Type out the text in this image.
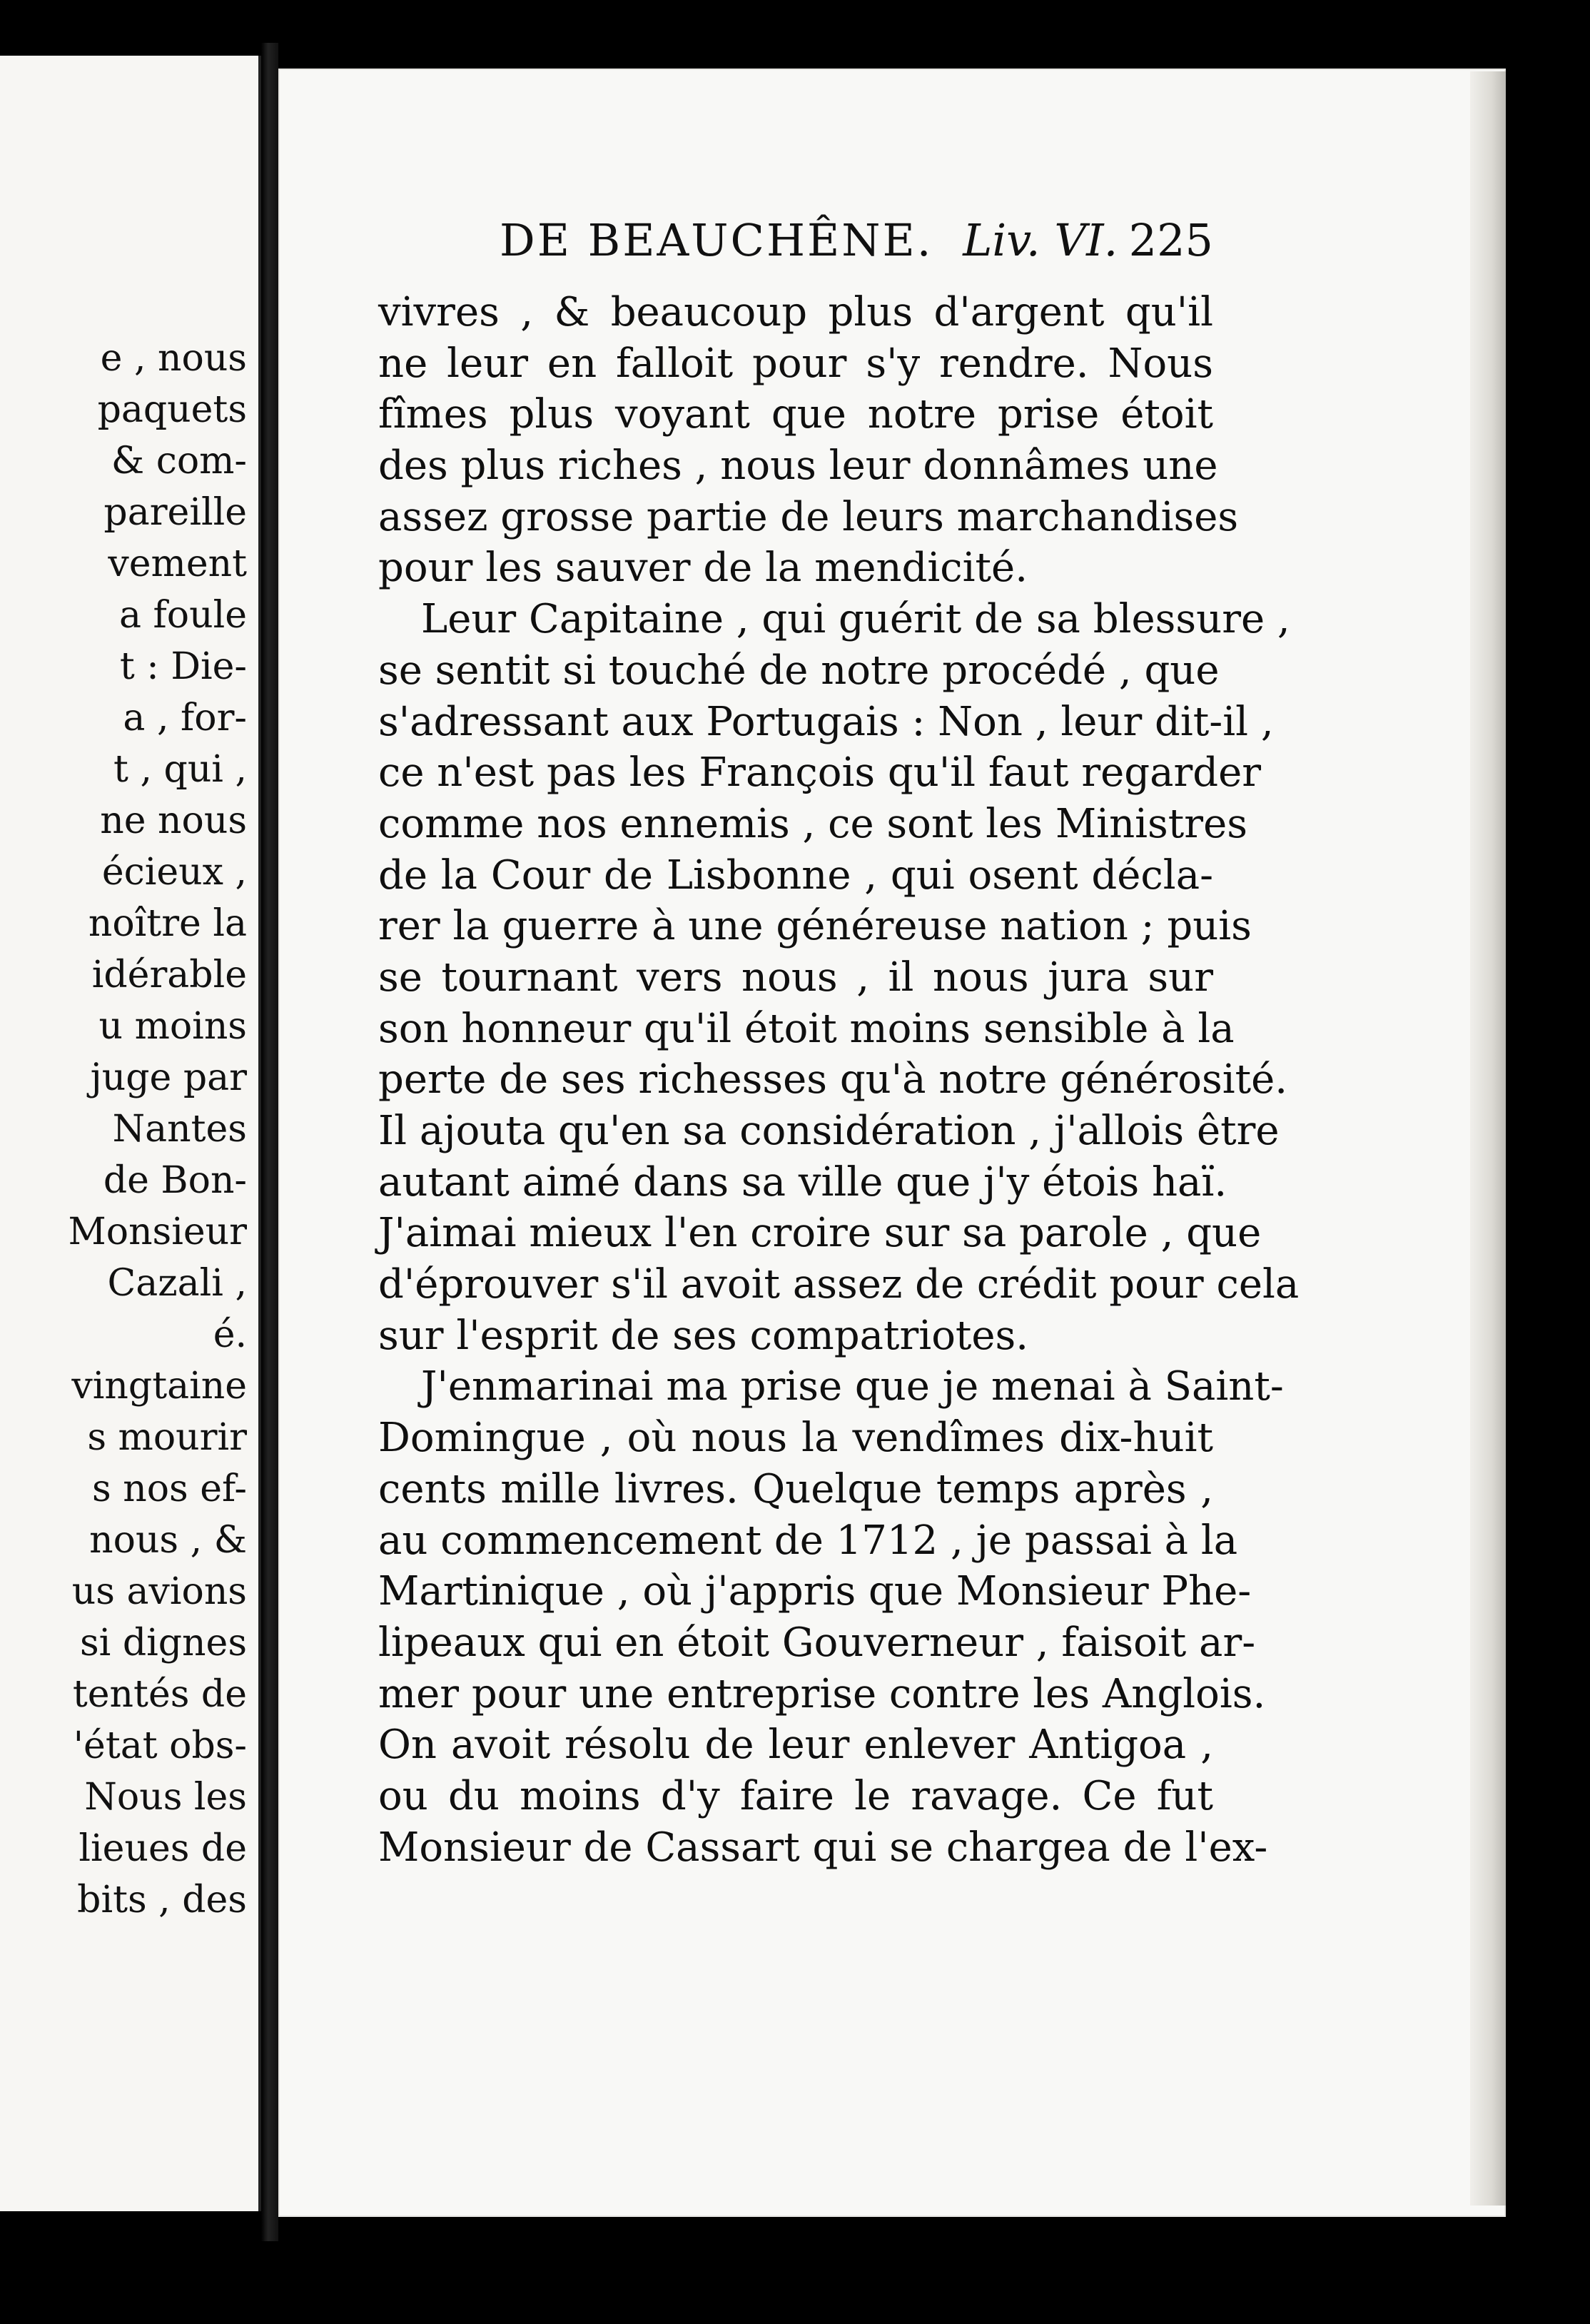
e , nous
paquets
& com-
pareille
vement
a foule
t : Die-
a , for-
t , qui ,
ne nous
écieux ,
noître la
idérable
u moins
juge par
Nantes
de Bon-
Monsieur
Cazali ,
é.
vingtaine
s mourir
s nos ef-
nous , &
us avions
si dignes
tentés de
'état obs-
Nous les
lieues de
bits , des
DE BEAUCHÊNE. Liv. VI. 225
vivres , & beaucoup plus d'argent qu'il
ne leur en falloit pour s'y rendre. Nous
fîmes plus voyant que notre prise étoit
des plus riches , nous leur donnâmes une
assez grosse partie de leurs marchandises
pour les sauver de la mendicité.
Leur Capitaine , qui guérit de sa blessure ,
se sentit si touché de notre procédé , que
s'adressant aux Portugais : Non , leur dit-il ,
ce n'est pas les François qu'il faut regarder
comme nos ennemis , ce sont les Ministres
de la Cour de Lisbonne , qui osent décla-
rer la guerre à une généreuse nation ; puis
se tournant vers nous , il nous jura sur
son honneur qu'il étoit moins sensible à la
perte de ses richesses qu'à notre générosité.
Il ajouta qu'en sa considération , j'allois être
autant aimé dans sa ville que j'y étois haï.
J'aimai mieux l'en croire sur sa parole , que
d'éprouver s'il avoit assez de crédit pour cela
sur l'esprit de ses compatriotes.
J'enmarinai ma prise que je menai à Saint-
Domingue , où nous la vendîmes dix-huit
cents mille livres. Quelque temps après ,
au commencement de 1712 , je passai à la
Martinique , où j'appris que Monsieur Phe-
lipeaux qui en étoit Gouverneur , faisoit ar-
mer pour une entreprise contre les Anglois.
On avoit résolu de leur enlever Antigoa ,
ou du moins d'y faire le ravage. Ce fut
Monsieur de Cassart qui se chargea de l'ex-
